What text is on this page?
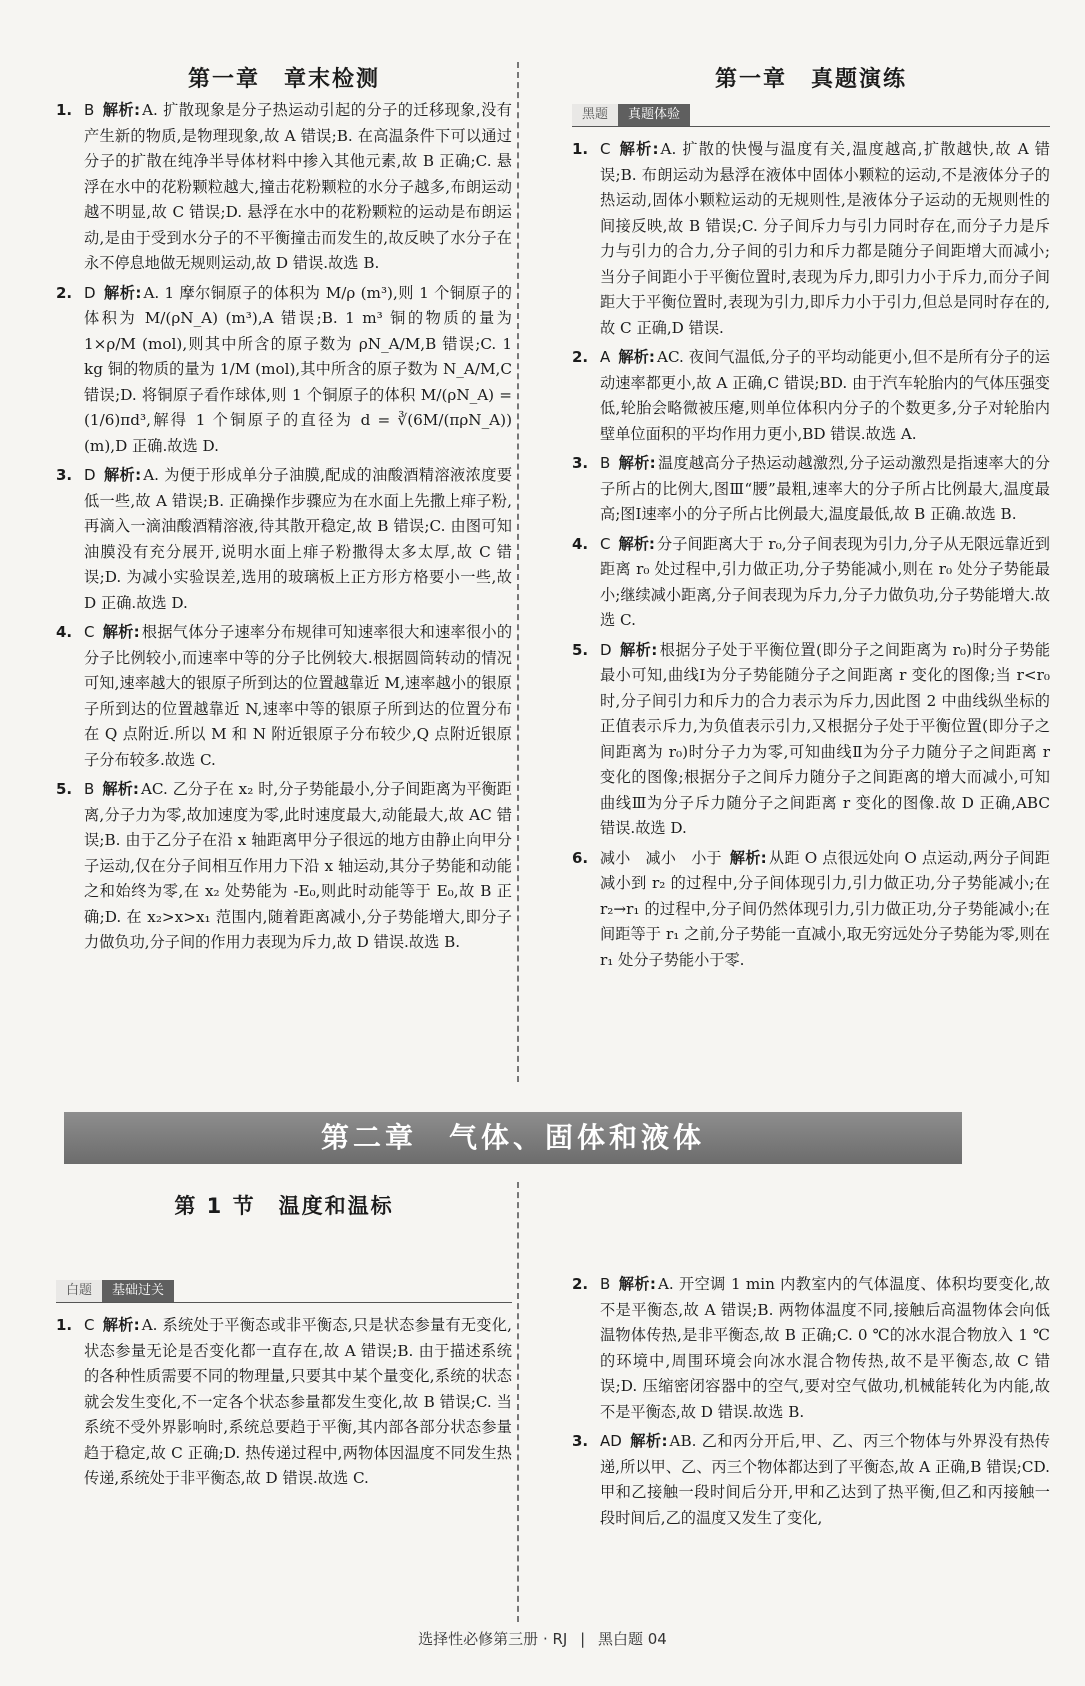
第一章　章末检测
1. B 解析: A. 扩散现象是分子热运动引起的分子的迁移现象,没有产生新的物质,是物理现象,故 A 错误;B. 在高温条件下可以通过分子的扩散在纯净半导体材料中掺入其他元素,故 B 正确;C. 悬浮在水中的花粉颗粒越大,撞击花粉颗粒的水分子越多,布朗运动越不明显,故 C 错误;D. 悬浮在水中的花粉颗粒的运动是布朗运动,是由于受到水分子的不平衡撞击而发生的,故反映了水分子在永不停息地做无规则运动,故 D 错误.故选 B.
2. D 解析: A. 1 摩尔铜原子的体积为 M/ρ (m³),则 1 个铜原子的体积为 M/(ρN_A) (m³),A 错误;B. 1 m³ 铜的物质的量为 1×ρ/M (mol),则其中所含的原子数为 ρN_A/M,B 错误;C. 1 kg 铜的物质的量为 1/M (mol),其中所含的原子数为 N_A/M,C 错误;D. 将铜原子看作球体,则 1 个铜原子的体积 M/(ρN_A) = (1/6)πd³,解得 1 个铜原子的直径为 d = ∛(6M/(πρN_A)) (m),D 正确.故选 D.
3. D 解析: A. 为便于形成单分子油膜,配成的油酸酒精溶液浓度要低一些,故 A 错误;B. 正确操作步骤应为在水面上先撒上痱子粉,再滴入一滴油酸酒精溶液,待其散开稳定,故 B 错误;C. 由图可知油膜没有充分展开,说明水面上痱子粉撒得太多太厚,故 C 错误;D. 为减小实验误差,选用的玻璃板上正方形方格要小一些,故 D 正确.故选 D.
4. C 解析: 根据气体分子速率分布规律可知速率很大和速率很小的分子比例较小,而速率中等的分子比例较大.根据圆筒转动的情况可知,速率越大的银原子所到达的位置越靠近 M,速率越小的银原子所到达的位置越靠近 N,速率中等的银原子所到达的位置分布在 Q 点附近.所以 M 和 N 附近银原子分布较少,Q 点附近银原子分布较多.故选 C.
5. B 解析: AC. 乙分子在 x₂ 时,分子势能最小,分子间距离为平衡距离,分子力为零,故加速度为零,此时速度最大,动能最大,故 AC 错误;B. 由于乙分子在沿 x 轴距离甲分子很远的地方由静止向甲分子运动,仅在分子间相互作用力下沿 x 轴运动,其分子势能和动能之和始终为零,在 x₂ 处势能为 -E₀,则此时动能等于 E₀,故 B 正确;D. 在 x₂>x>x₁ 范围内,随着距离减小,分子势能增大,即分子力做负功,分子间的作用力表现为斥力,故 D 错误.故选 B.
第一章　真题演练
黑题	真题体验
1. C 解析: A. 扩散的快慢与温度有关,温度越高,扩散越快,故 A 错误;B. 布朗运动为悬浮在液体中固体小颗粒的运动,不是液体分子的热运动,固体小颗粒运动的无规则性,是液体分子运动的无规则性的间接反映,故 B 错误;C. 分子间斥力与引力同时存在,而分子力是斥力与引力的合力,分子间的引力和斥力都是随分子间距增大而减小;当分子间距小于平衡位置时,表现为斥力,即引力小于斥力,而分子间距大于平衡位置时,表现为引力,即斥力小于引力,但总是同时存在的,故 C 正确,D 错误.
2. A 解析: AC. 夜间气温低,分子的平均动能更小,但不是所有分子的运动速率都更小,故 A 正确,C 错误;BD. 由于汽车轮胎内的气体压强变低,轮胎会略微被压瘪,则单位体积内分子的个数更多,分子对轮胎内壁单位面积的平均作用力更小,BD 错误.故选 A.
3. B 解析: 温度越高分子热运动越激烈,分子运动激烈是指速率大的分子所占的比例大,图Ⅲ“腰”最粗,速率大的分子所占比例最大,温度最高;图Ⅰ速率小的分子所占比例最大,温度最低,故 B 正确.故选 B.
4. C 解析: 分子间距离大于 r₀,分子间表现为引力,分子从无限远靠近到距离 r₀ 处过程中,引力做正功,分子势能减小,则在 r₀ 处分子势能最小;继续减小距离,分子间表现为斥力,分子力做负功,分子势能增大.故选 C.
5. D 解析: 根据分子处于平衡位置(即分子之间距离为 r₀)时分子势能最小可知,曲线Ⅰ为分子势能随分子之间距离 r 变化的图像;当 r<r₀ 时,分子间引力和斥力的合力表示为斥力,因此图 2 中曲线纵坐标的正值表示斥力,为负值表示引力,又根据分子处于平衡位置(即分子之间距离为 r₀)时分子力为零,可知曲线Ⅱ为分子力随分子之间距离 r 变化的图像;根据分子之间斥力随分子之间距离的增大而减小,可知曲线Ⅲ为分子斥力随分子之间距离 r 变化的图像.故 D 正确,ABC 错误.故选 D.
6. 减小　减小　小于 解析: 从距 O 点很远处向 O 点运动,两分子间距减小到 r₂ 的过程中,分子间体现引力,引力做正功,分子势能减小;在 r₂→r₁ 的过程中,分子间仍然体现引力,引力做正功,分子势能减小;在间距等于 r₁ 之前,分子势能一直减小,取无穷远处分子势能为零,则在 r₁ 处分子势能小于零.
第二章　气体、固体和液体
第 1 节　温度和温标
白题	基础过关
1. C 解析: A. 系统处于平衡态或非平衡态,只是状态参量有无变化,状态参量无论是否变化都一直存在,故 A 错误;B. 由于描述系统的各种性质需要不同的物理量,只要其中某个量变化,系统的状态就会发生变化,不一定各个状态参量都发生变化,故 B 错误;C. 当系统不受外界影响时,系统总要趋于平衡,其内部各部分状态参量趋于稳定,故 C 正确;D. 热传递过程中,两物体因温度不同发生热传递,系统处于非平衡态,故 D 错误.故选 C.
2. B 解析: A. 开空调 1 min 内教室内的气体温度、体积均要变化,故不是平衡态,故 A 错误;B. 两物体温度不同,接触后高温物体会向低温物体传热,是非平衡态,故 B 正确;C. 0 ℃的冰水混合物放入 1 ℃的环境中,周围环境会向冰水混合物传热,故不是平衡态,故 C 错误;D. 压缩密闭容器中的空气,要对空气做功,机械能转化为内能,故不是平衡态,故 D 错误.故选 B.
3. AD 解析: AB. 乙和丙分开后,甲、乙、丙三个物体与外界没有热传递,所以甲、乙、丙三个物体都达到了平衡态,故 A 正确,B 错误;CD. 甲和乙接触一段时间后分开,甲和乙达到了热平衡,但乙和丙接触一段时间后,乙的温度又发生了变化,
选择性必修第三册 · RJ | 黑白题 04
